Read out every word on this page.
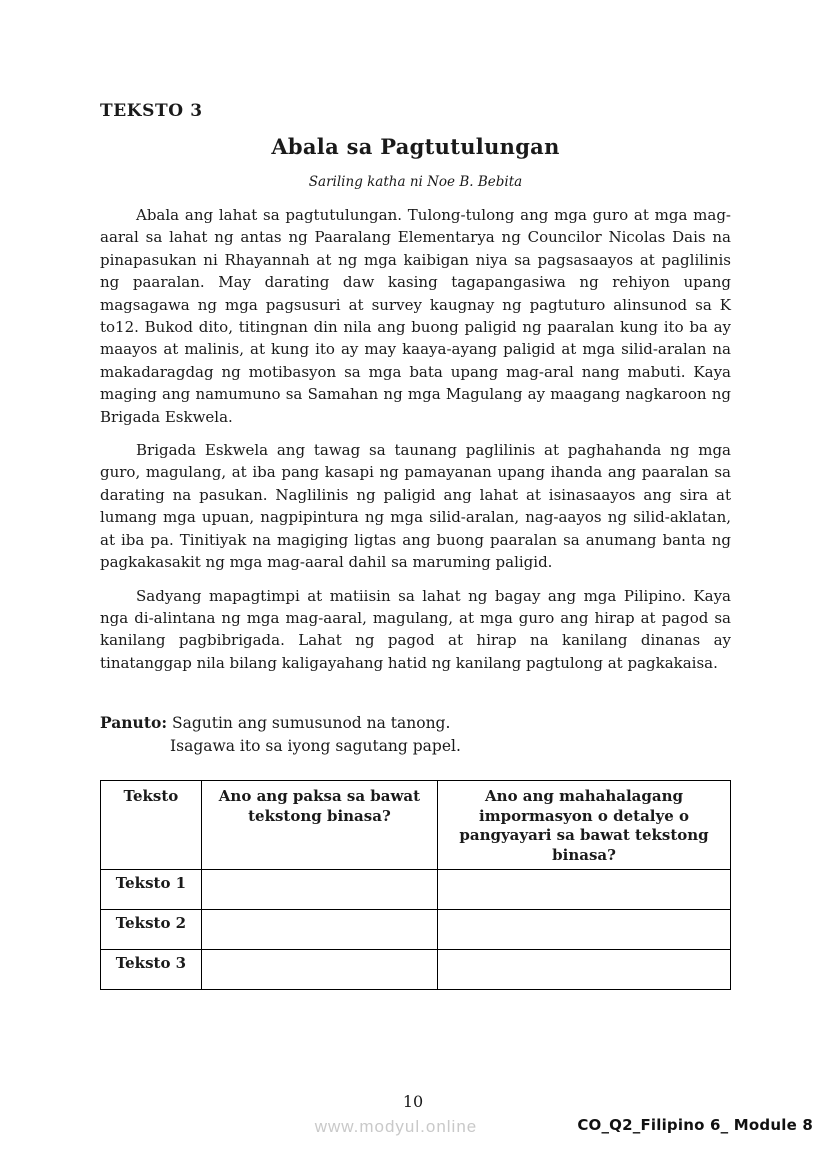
TEKSTO 3
Abala sa Pagtutulungan
Sariling katha ni Noe B. Bebita

Abala ang lahat sa pagtutulungan. Tulong-tulong ang mga guro at mga mag-aaral sa lahat ng antas ng Paaralang Elementarya ng Councilor Nicolas Dais na pinapasukan ni Rhayannah at ng mga kaibigan niya sa pagsasaayos at paglilinis ng paaralan. May darating daw kasing tagapangasiwa ng rehiyon upang magsagawa ng mga pagsusuri at survey kaugnay ng pagtuturo alinsunod sa K to12. Bukod dito, titingnan din nila ang buong paligid ng paaralan kung ito ba ay maayos at malinis, at kung ito ay may kaaya-ayang paligid at mga silid-aralan na makadaragdag ng motibasyon sa mga bata upang mag-aral nang mabuti. Kaya maging ang namumuno sa Samahan ng mga Magulang ay maagang nagkaroon ng Brigada Eskwela.

Brigada Eskwela ang tawag sa taunang paglilinis at paghahanda ng mga guro, magulang, at iba pang kasapi ng pamayanan upang ihanda ang paaralan sa darating na pasukan. Naglilinis ng paligid ang lahat at isinasaayos ang sira at lumang mga upuan, nagpipintura ng mga silid-aralan, nag-aayos ng silid-aklatan, at iba pa. Tinitiyak na magiging ligtas ang buong paaralan sa anumang banta ng pagkakasakit ng mga mag-aaral dahil sa maruming paligid.

Sadyang mapagtimpi at matiisin sa lahat ng bagay ang mga Pilipino. Kaya nga di-alintana ng mga mag-aaral, magulang, at mga guro ang hirap at pagod sa kanilang pagbibrigada. Lahat ng pagod at hirap na kanilang dinanas ay tinatanggap nila bilang kaligayahang hatid ng kanilang pagtulong at pagkakaisa.

Panuto: Sagutin ang sumusunod na tanong.
Isagawa ito sa iyong sagutang papel.
Teksto	Ano ang paksa sa bawat tekstong binasa?	Ano ang mahahalagang impormasyon o detalye o pangyayari sa bawat tekstong binasa?
Teksto 1		
Teksto 2		
Teksto 3		
10
www.modyul.online	CO_Q2_Filipino 6_ Module 8
